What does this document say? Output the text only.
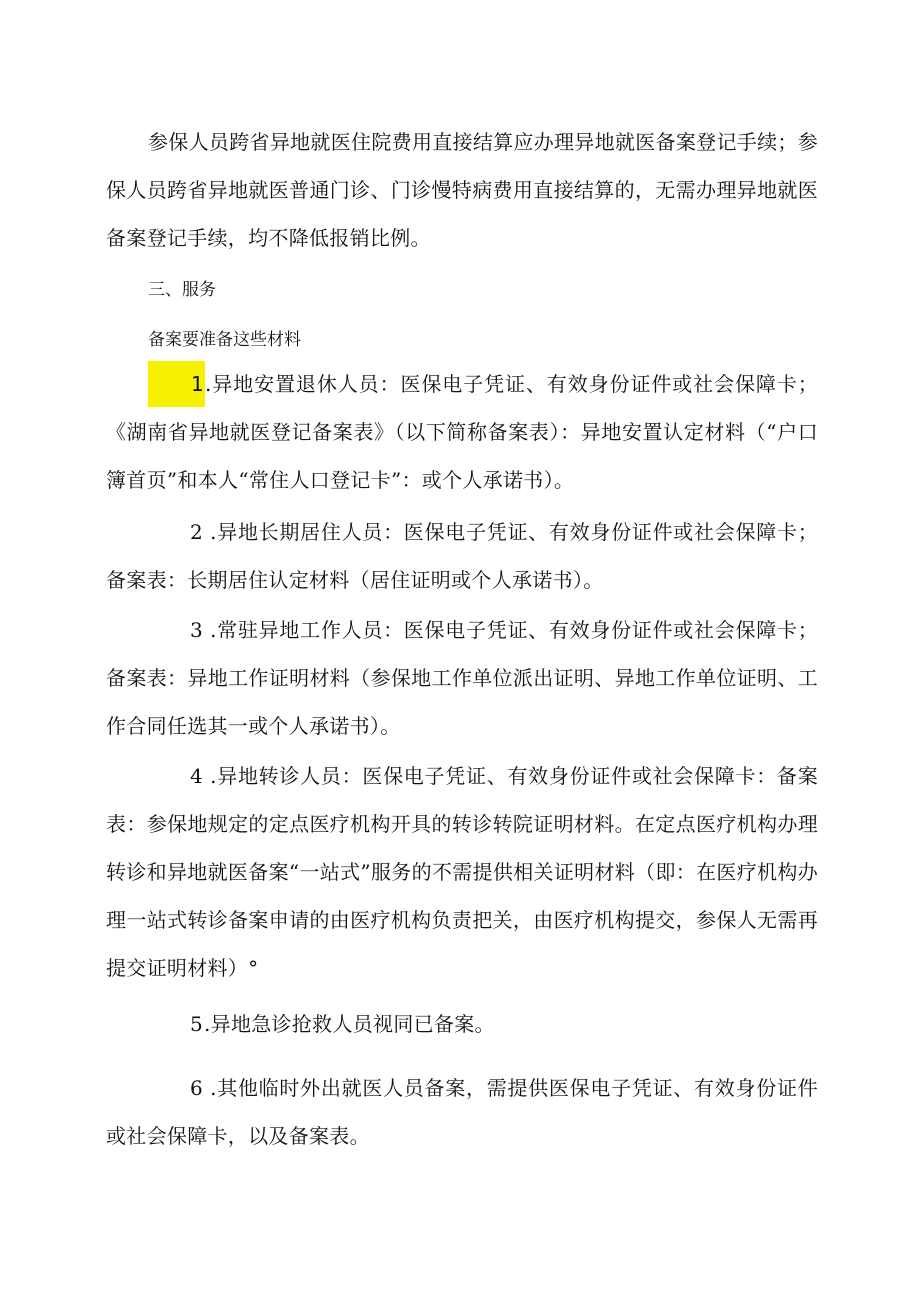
参保人员跨省异地就医住院费用直接结算应办理异地就医备案登记手续；参保人员跨省异地就医普通门诊、门诊慢特病费用直接结算的，无需办理异地就医备案登记手续，均不降低报销比例。

三、服务

备案要准备这些材料

1.异地安置退休人员：医保电子凭证、有效身份证件或社会保障卡；《湖南省异地就医登记备案表》（以下简称备案表）：异地安置认定材料（“户口簿首页”和本人“常住人口登记卡”：或个人承诺书）。

2 .异地长期居住人员：医保电子凭证、有效身份证件或社会保障卡；备案表：长期居住认定材料（居住证明或个人承诺书）。

3 .常驻异地工作人员：医保电子凭证、有效身份证件或社会保障卡；备案表：异地工作证明材料（参保地工作单位派出证明、异地工作单位证明、工作合同任选其一或个人承诺书）。

4 .异地转诊人员：医保电子凭证、有效身份证件或社会保障卡：备案表：参保地规定的定点医疗机构开具的转诊转院证明材料。在定点医疗机构办理转诊和异地就医备案“一站式”服务的不需提供相关证明材料（即：在医疗机构办理一站式转诊备案申请的由医疗机构负责把关，由医疗机构提交，参保人无需再提交证明材料）°

5.异地急诊抢救人员视同已备案。

6 .其他临时外出就医人员备案，需提供医保电子凭证、有效身份证件或社会保障卡，以及备案表。
